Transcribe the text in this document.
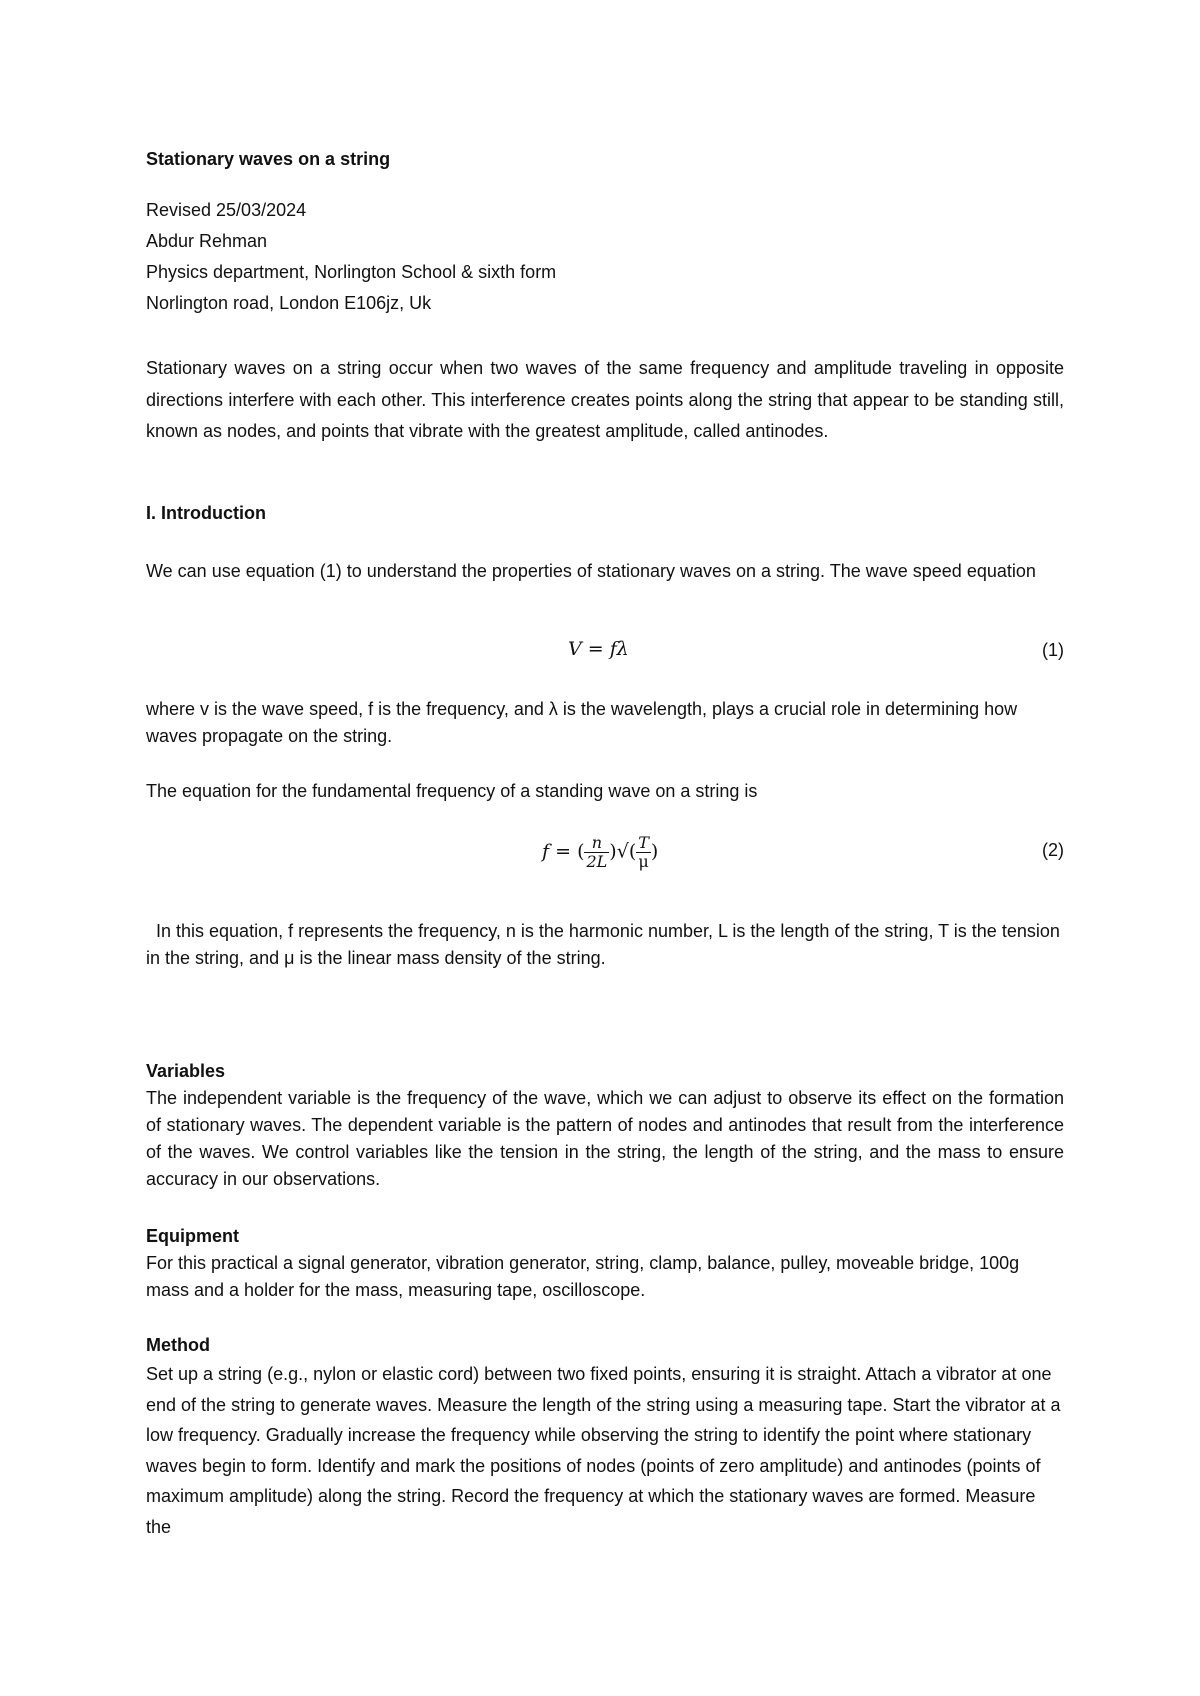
Stationary waves on a string

Revised 25/03/2024

Abdur Rehman

Physics department, Norlington School & sixth form

Norlington road, London E106jz, Uk

Stationary waves on a string occur when two waves of the same frequency and amplitude traveling in opposite directions interfere with each other. This interference creates points along the string that appear to be standing still, known as nodes, and points that vibrate with the greatest amplitude, called antinodes.

I. Introduction

We can use equation (1) to understand the properties of stationary waves on a string. The wave speed equation

V = fλ	(1)

where v is the wave speed, f is the frequency, and λ is the wavelength, plays a crucial role in determining how waves propagate on the string.

The equation for the fundamental frequency of a standing wave on a string is

f = ( $\frac{n}{2L}$ )√( $\frac{T}{\mu}$ )	(2)

In this equation, f represents the frequency, n is the harmonic number, L is the length of the string, T is the tension in the string, and μ is the linear mass density of the string.

Variables

The independent variable is the frequency of the wave, which we can adjust to observe its effect on the formation of stationary waves. The dependent variable is the pattern of nodes and antinodes that result from the interference of the waves. We control variables like the tension in the string, the length of the string, and the mass to ensure accuracy in our observations.

Equipment

For this practical a signal generator, vibration generator, string, clamp, balance, pulley, moveable bridge, 100g mass and a holder for the mass, measuring tape, oscilloscope.

Method

Set up a string (e.g., nylon or elastic cord) between two fixed points, ensuring it is straight. Attach a vibrator at one end of the string to generate waves. Measure the length of the string using a measuring tape. Start the vibrator at a low frequency. Gradually increase the frequency while observing the string to identify the point where stationary waves begin to form. Identify and mark the positions of nodes (points of zero amplitude) and antinodes (points of maximum amplitude) along the string. Record the frequency at which the stationary waves are formed. Measure the
